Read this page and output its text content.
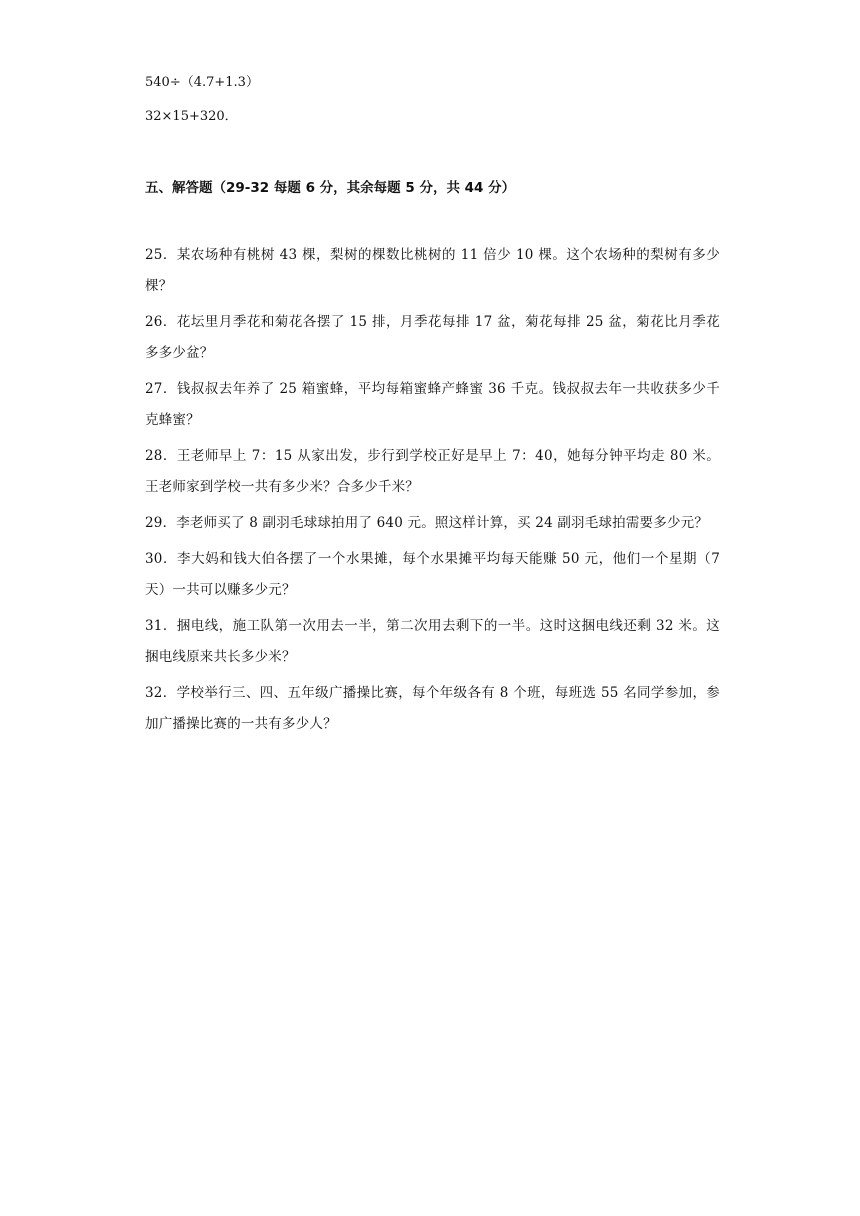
540÷（4.7+1.3）

32×15+320．

五、解答题（29-32 每题 6 分，其余每题 5 分，共 44 分）
25．某农场种有桃树 43 棵，梨树的棵数比桃树的 11 倍少 10 棵。这个农场种的梨树有多少棵？
26．花坛里月季花和菊花各摆了 15 排，月季花每排 17 盆，菊花每排 25 盆，菊花比月季花多多少盆？
27．钱叔叔去年养了 25 箱蜜蜂，平均每箱蜜蜂产蜂蜜 36 千克。钱叔叔去年一共收获多少千克蜂蜜？
28．王老师早上 7：15 从家出发，步行到学校正好是早上 7：40，她每分钟平均走 80 米。王老师家到学校一共有多少米？合多少千米？
29．李老师买了 8 副羽毛球球拍用了 640 元。照这样计算，买 24 副羽毛球拍需要多少元？
30．李大妈和钱大伯各摆了一个水果摊，每个水果摊平均每天能赚 50 元，他们一个星期（7 天）一共可以赚多少元？
31．捆电线，施工队第一次用去一半，第二次用去剩下的一半。这时这捆电线还剩 32 米。这捆电线原来共长多少米？
32．学校举行三、四、五年级广播操比赛，每个年级各有 8 个班，每班选 55 名同学参加，参加广播操比赛的一共有多少人？
